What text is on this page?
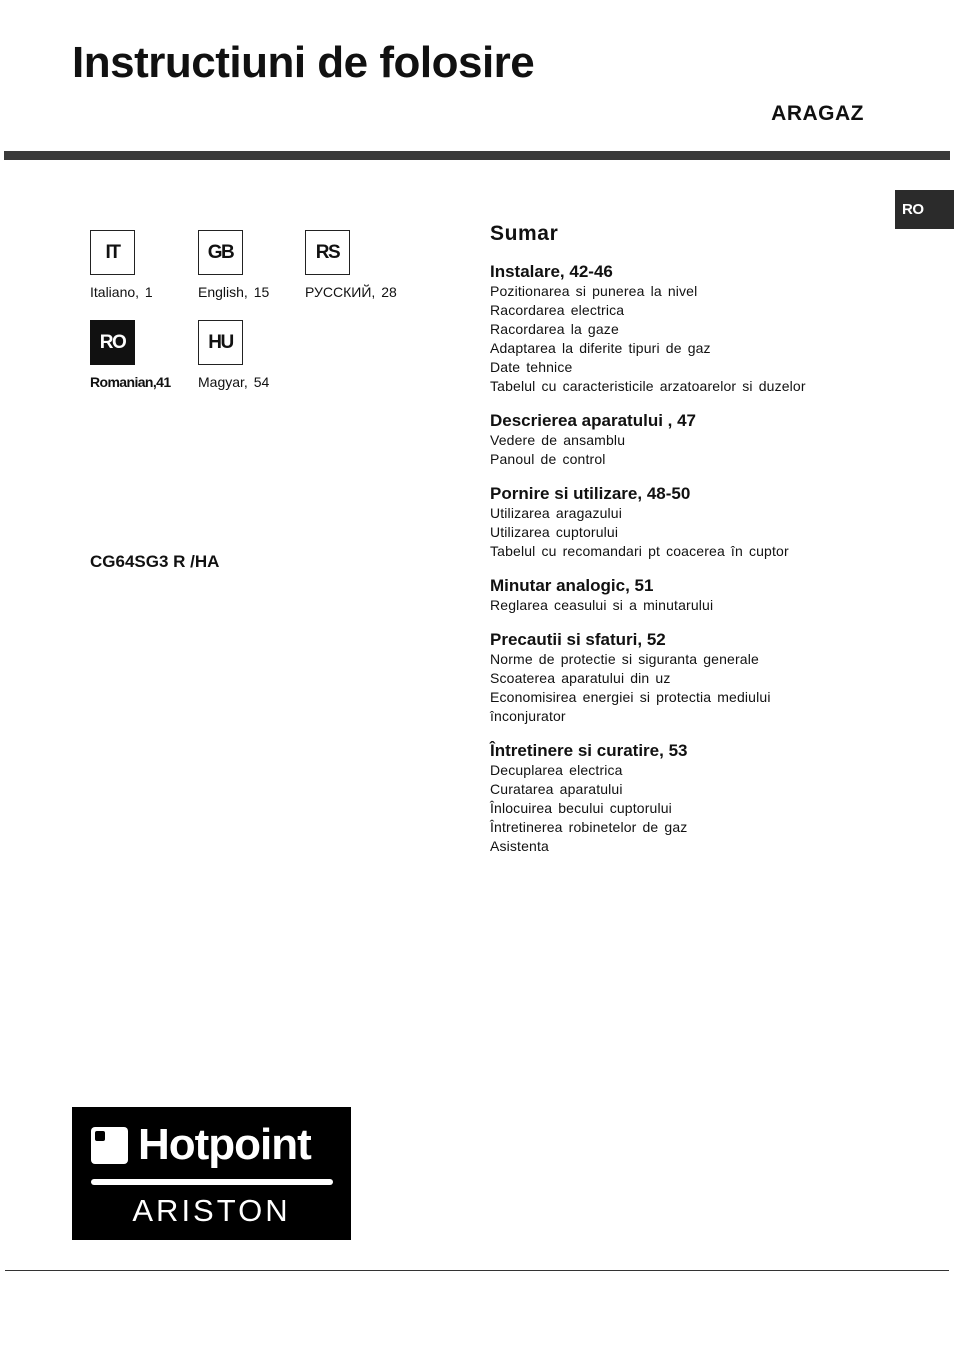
Instructiuni de folosire
ARAGAZ
RO
IT
Italiano, 1
GB
English, 15
RS
РУССКИЙ, 28
RO
Romanian,41
HU
Magyar, 54
CG64SG3 R /HA
Sumar
Instalare, 42-46
Pozitionarea si punerea la nivel
Racordarea electrica
Racordarea la gaze
Adaptarea la diferite tipuri de gaz
Date tehnice
Tabelul cu caracteristicile arzatoarelor si duzelor
Descrierea aparatului , 47
Vedere de ansamblu
Panoul de control
Pornire si utilizare, 48-50
Utilizarea aragazului
Utilizarea cuptorului
Tabelul cu recomandari pt coacerea în cuptor
Minutar analogic, 51
Reglarea ceasului si a minutarului
Precautii si sfaturi, 52
Norme de protectie si siguranta generale
Scoaterea aparatului din uz
Economisirea energiei si protectia mediului
înconjurator
Întretinere si curatire, 53
Decuplarea electrica
Curatarea aparatului
Înlocuirea becului cuptorului
Întretinerea robinetelor de gaz
Asistenta
Hotpoint
ARISTON
